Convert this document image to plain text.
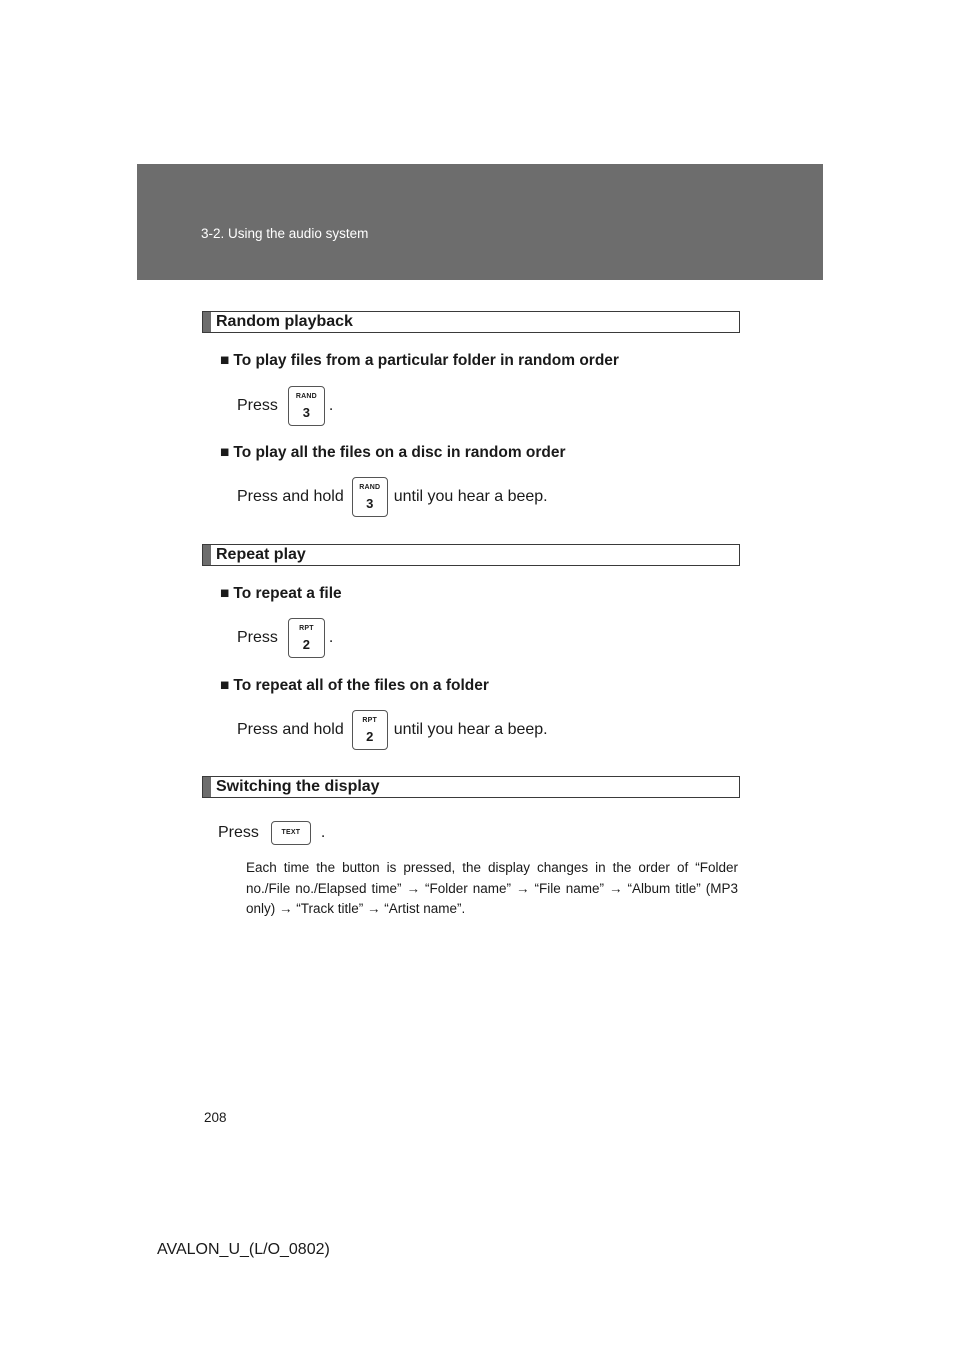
3-2. Using the audio system
Random playback
■ To play files from a particular folder in random order
Press
RAND
3	.
■ To play all the files on a disc in random order
Press and hold
RAND
3	until you hear a beep.
Repeat play
■ To repeat a file
Press
RPT
2	.
■ To repeat all of the files on a folder
Press and hold
RPT
2	until you hear a beep.
Switching the display
Press	TEXT	.
Each time the button is pressed, the display changes in the order of “Folder no./File no./Elapsed time” → “Folder name” → “File name” → “Album title” (MP3 only) → “Track title” → “Artist name”.
208
AVALON_U_(L/O_0802)
